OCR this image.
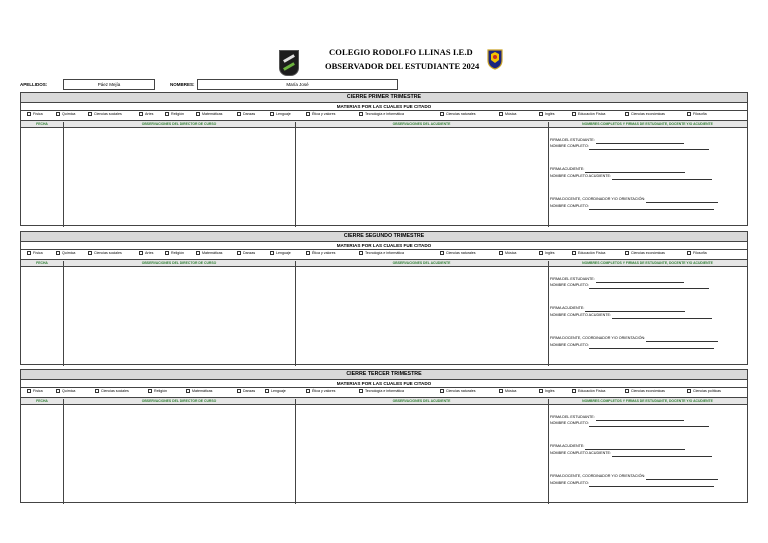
COLEGIO RODOLFO LLINAS I.E.D
OBSERVADOR DEL ESTUDIANTE 2024
APELLIDOS:	Páez Mejía	NOMBRES:	María José
CIERRE PRIMER TRIMESTRE
MATERIAS POR LAS CUALES FUE CITADO
Física	Química	Ciencias sociales	Artes	Religión	Matemáticas	Danzas	Lenguaje	Ética y valores	Tecnología e informática	Ciencias naturales	Música	Inglés	Educación Física	Ciencias económicas	Filosofía
FECHA	OBSERVACIONES DEL DIRECTOR DE CURSO	OBSERVACIONES DEL ACUDIENTE	NOMBRES COMPLETOS Y FIRMAS DE ESTUDIANTE, DOCENTE Y/O ACUDIENTE
FIRMA DEL ESTUDIANTE:
NOMBRE COMPLETO:
FIRMA ACUDIENTE:
NOMBRE COMPLETO ACUDIENTE:
FIRMA DOCENTE, COORDINADOR Y/O ORIENTACIÓN:
NOMBRE COMPLETO:
CIERRE SEGUNDO TRIMESTRE
MATERIAS POR LAS CUALES FUE CITADO
Física	Química	Ciencias sociales	Artes	Religión	Matemáticas	Danzas	Lenguaje	Ética y valores	Tecnología e informática	Ciencias naturales	Música	Inglés	Educación Física	Ciencias económicas	Filosofía
FECHA	OBSERVACIONES DEL DIRECTOR DE CURSO	OBSERVACIONES DEL ACUDIENTE	NOMBRES COMPLETOS Y FIRMAS DE ESTUDIANTE, DOCENTE Y/O ACUDIENTE
FIRMA DEL ESTUDIANTE:
NOMBRE COMPLETO:
FIRMA ACUDIENTE:
NOMBRE COMPLETO ACUDIENTE:
FIRMA DOCENTE, COORDINADOR Y/O ORIENTACIÓN:
NOMBRE COMPLETO:
CIERRE TERCER TRIMESTRE
MATERIAS POR LAS CUALES FUE CITADO
Física	Química	Ciencias sociales	Religión	Matemáticas	Danzas	Lenguaje	Ética y valores	Tecnología e informática	Ciencias naturales	Música	Inglés	Educación Física	Ciencias económicas	Ciencias políticas
FECHA	OBSERVACIONES DEL DIRECTOR DE CURSO	OBSERVACIONES DEL ACUDIENTE	NOMBRES COMPLETOS Y FIRMAS DE ESTUDIANTE, DOCENTE Y/O ACUDIENTE
FIRMA DEL ESTUDIANTE:
NOMBRE COMPLETO:
FIRMA ACUDIENTE:
NOMBRE COMPLETO ACUDIENTE:
FIRMA DOCENTE, COORDINADOR Y/O ORIENTACIÓN:
NOMBRE COMPLETO:
